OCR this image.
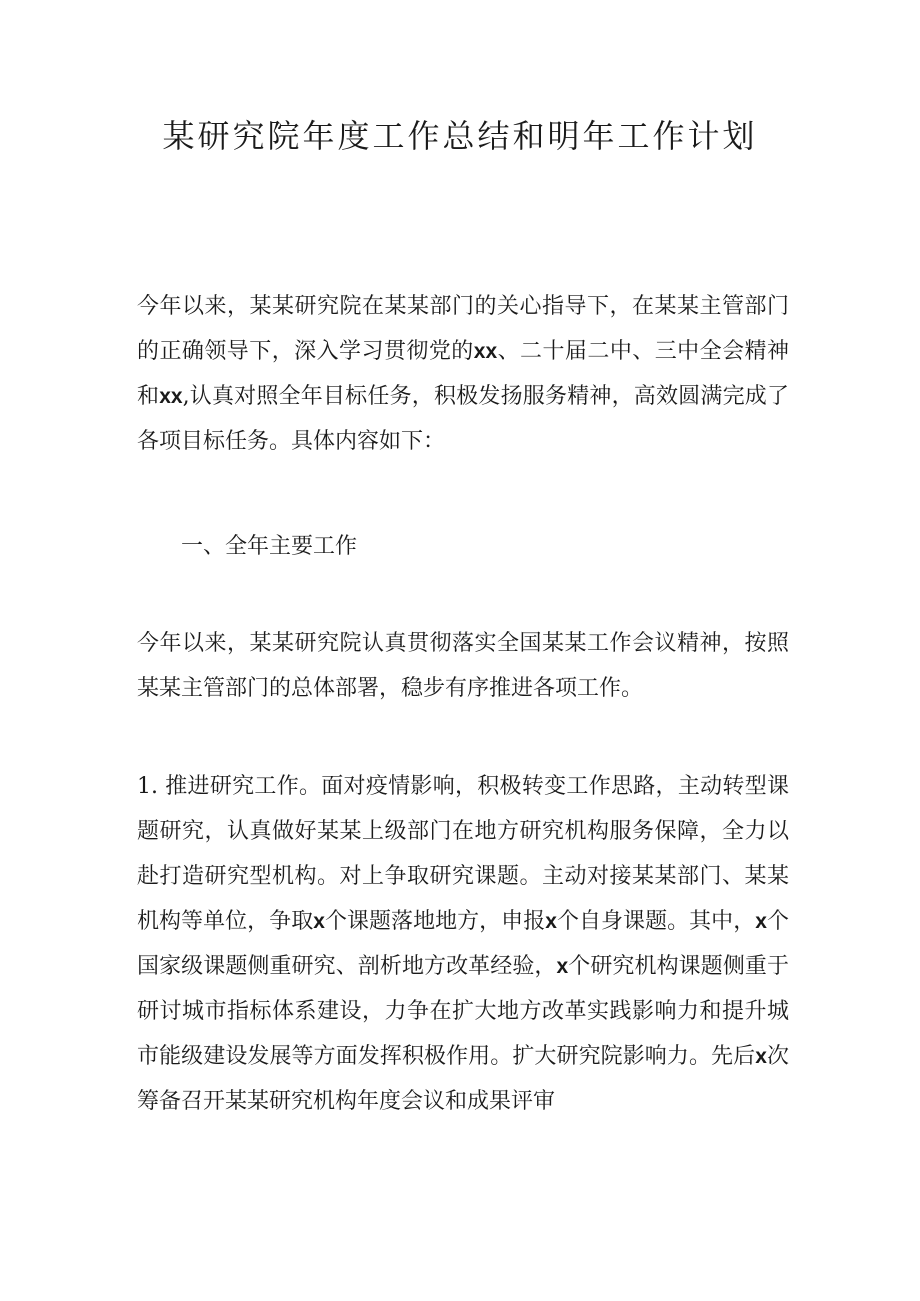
某研究院年度工作总结和明年工作计划

今年以来，某某研究院在某某部门的关心指导下，在某某主管部门的正确领导下，深入学习贯彻党的xx、二十届二中、三中全会精神和xx,认真对照全年目标任务，积极发扬服务精神，高效圆满完成了各项目标任务。具体内容如下：

一、全年主要工作

今年以来，某某研究院认真贯彻落实全国某某工作会议精神，按照某某主管部门的总体部署，稳步有序推进各项工作。

1. 推进研究工作。面对疫情影响，积极转变工作思路，主动转型课题研究，认真做好某某上级部门在地方研究机构服务保障，全力以赴打造研究型机构。对上争取研究课题。主动对接某某部门、某某机构等单位，争取x个课题落地地方，申报x个自身课题。其中，x个国家级课题侧重研究、剖析地方改革经验，x个研究机构课题侧重于研讨城市指标体系建设，力争在扩大地方改革实践影响力和提升城市能级建设发展等方面发挥积极作用。扩大研究院影响力。先后x次筹备召开某某研究机构年度会议和成果评审
